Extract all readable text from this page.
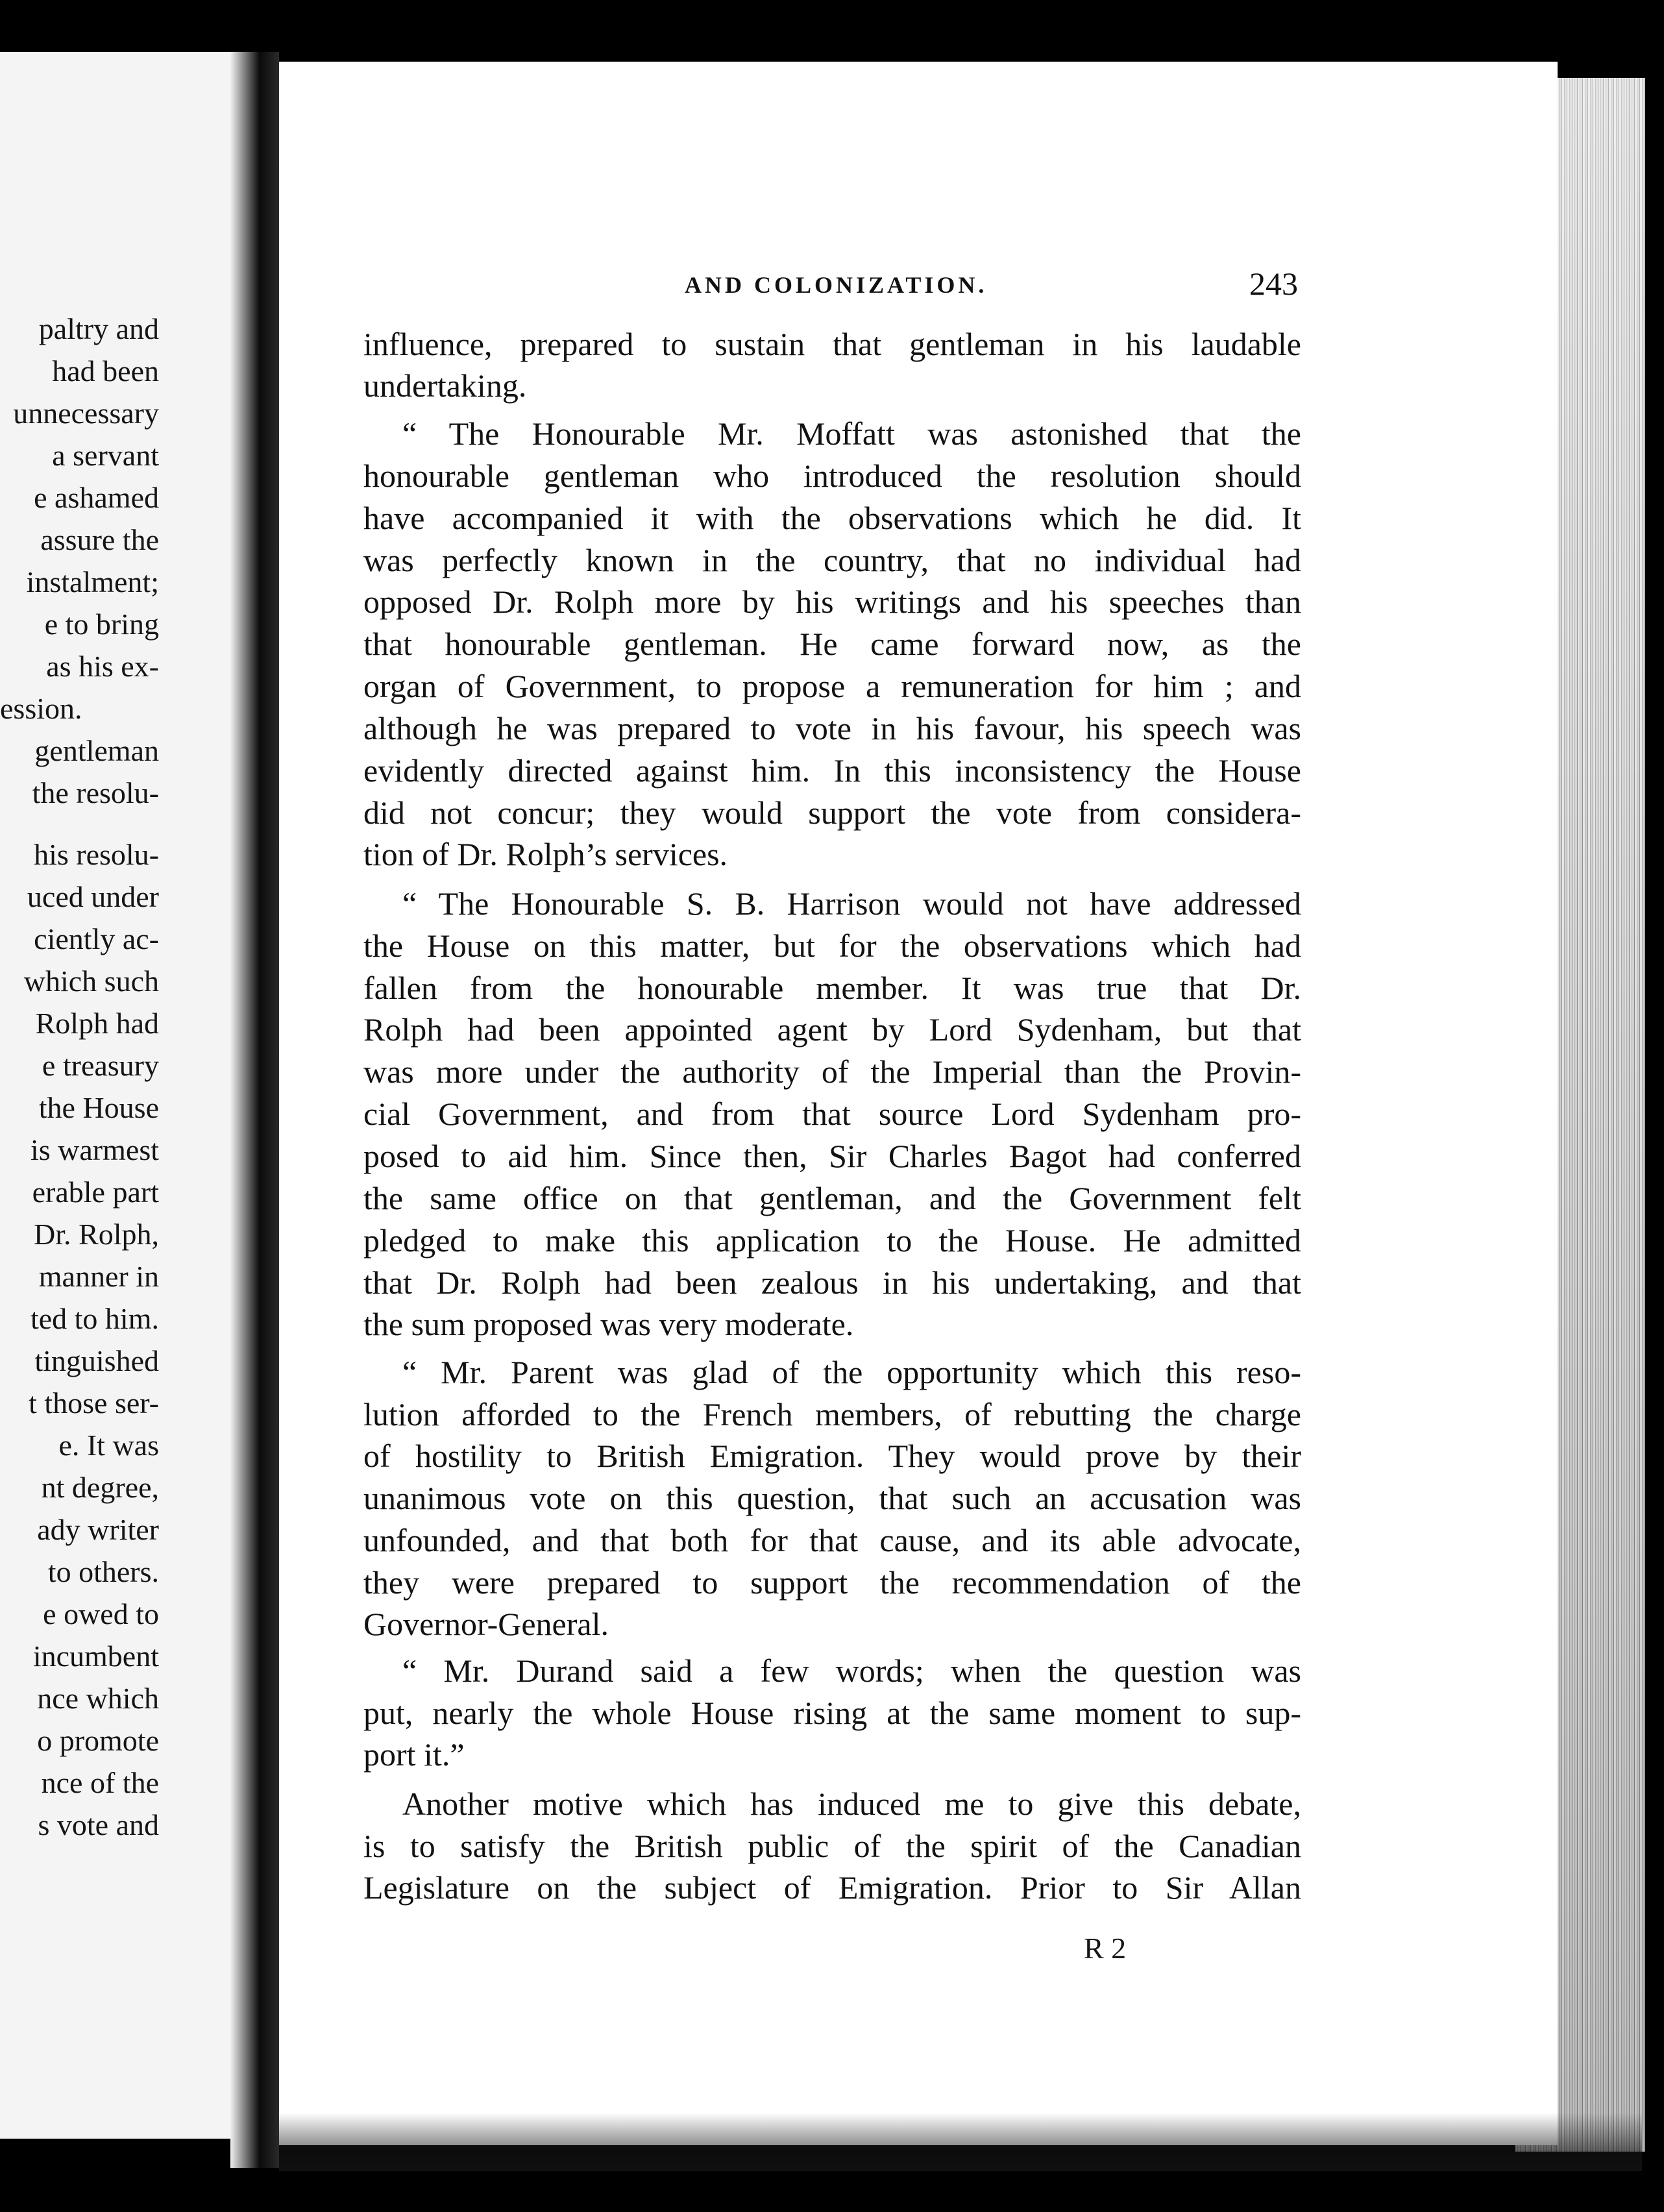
paltry and
had been
unnecessary
a servant
e ashamed
assure the
instalment;
e to bring
as his ex-
ession.
gentleman
the resolu-
his resolu-
uced under
ciently ac-
which such
Rolph had
e treasury
the House
is warmest
erable part
Dr. Rolph,
manner in
ted to him.
tinguished
t those ser-
e. It was
nt degree,
ady writer
to others.
e owed to
incumbent
nce which
o promote
nce of the
s vote and
AND COLONIZATION.	243
influence, prepared to sustain that gentleman in his laudable
undertaking.
“ The Honourable Mr. Moffatt was astonished that the
honourable gentleman who introduced the resolution should
have accompanied it with the observations which he did. It
was perfectly known in the country, that no individual had
opposed Dr. Rolph more by his writings and his speeches than
that honourable gentleman. He came forward now, as the
organ of Government, to propose a remuneration for him ; and
although he was prepared to vote in his favour, his speech was
evidently directed against him. In this inconsistency the House
did not concur; they would support the vote from considera-
tion of Dr. Rolph’s services.
“ The Honourable S. B. Harrison would not have addressed
the House on this matter, but for the observations which had
fallen from the honourable member. It was true that Dr.
Rolph had been appointed agent by Lord Sydenham, but that
was more under the authority of the Imperial than the Provin-
cial Government, and from that source Lord Sydenham pro-
posed to aid him. Since then, Sir Charles Bagot had conferred
the same office on that gentleman, and the Government felt
pledged to make this application to the House. He admitted
that Dr. Rolph had been zealous in his undertaking, and that
the sum proposed was very moderate.
“ Mr. Parent was glad of the opportunity which this reso-
lution afforded to the French members, of rebutting the charge
of hostility to British Emigration. They would prove by their
unanimous vote on this question, that such an accusation was
unfounded, and that both for that cause, and its able advocate,
they were prepared to support the recommendation of the
Governor-General.
“ Mr. Durand said a few words; when the question was
put, nearly the whole House rising at the same moment to sup-
port it.”
Another motive which has induced me to give this debate,
is to satisfy the British public of the spirit of the Canadian
Legislature on the subject of Emigration. Prior to Sir Allan
R 2
